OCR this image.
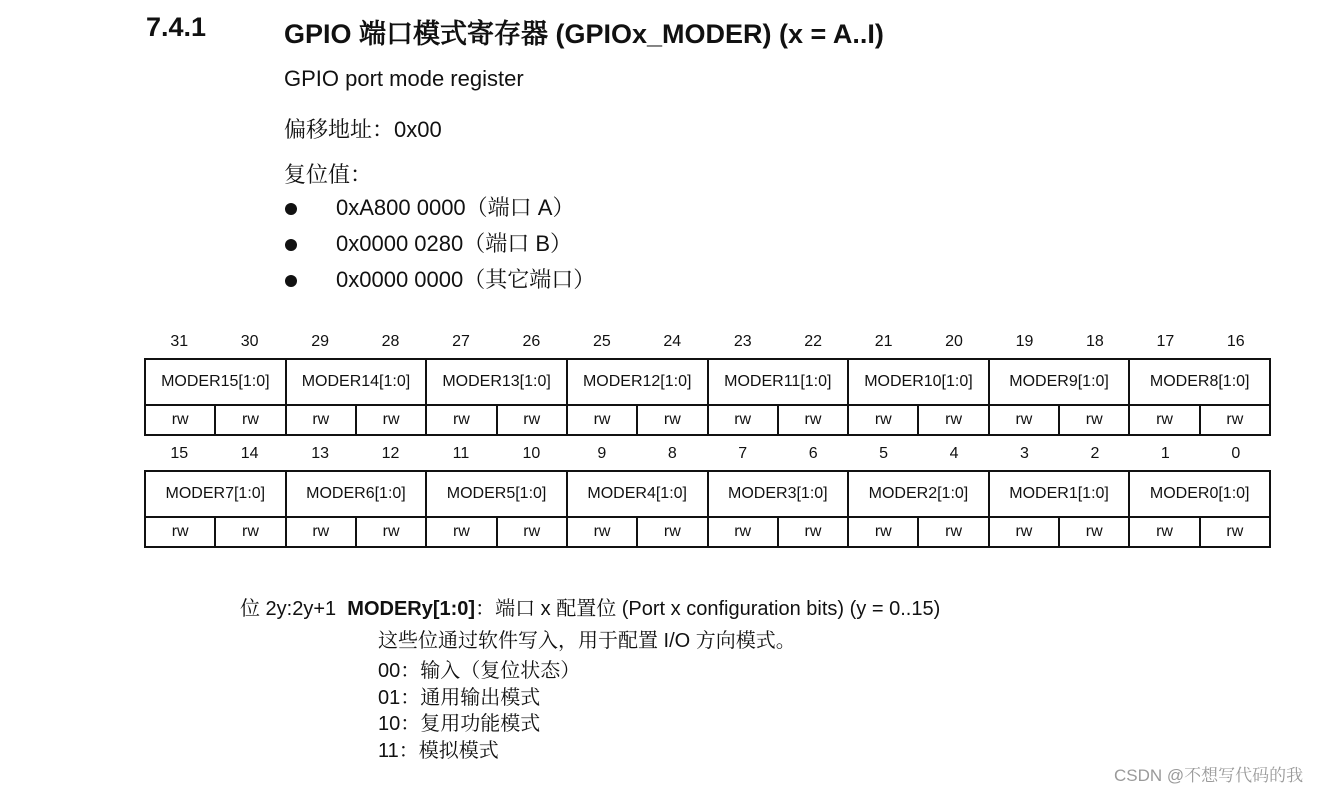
7.4.1	GPIO 端口模式寄存器 (GPIOx_MODER) (x = A..I)
GPIO port mode register
偏移地址：0x00
复位值：
0xA800 0000（端口 A）
0x0000 0280（端口 B）
0x0000 0000（其它端口）
31	30	29	28	27	26	25	24	23	22	21	20	19	18	17	16
MODER15[1:0]		MODER14[1:0]		MODER13[1:0]		MODER12[1:0]		MODER11[1:0]		MODER10[1:0]		MODER9[1:0]		MODER8[1:0]	
rw	rw	rw	rw	rw	rw	rw	rw	rw	rw	rw	rw	rw	rw	rw	rw
15	14	13	12	11	10	9	8	7	6	5	4	3	2	1	0
MODER7[1:0]		MODER6[1:0]		MODER5[1:0]		MODER4[1:0]		MODER3[1:0]		MODER2[1:0]		MODER1[1:0]		MODER0[1:0]	
rw	rw	rw	rw	rw	rw	rw	rw	rw	rw	rw	rw	rw	rw	rw	rw
位 2y:2y+1 MODERy[1:0]：端口 x 配置位 (Port x configuration bits) (y = 0..15)
这些位通过软件写入，用于配置 I/O 方向模式。
00：输入（复位状态）
01：通用输出模式
10：复用功能模式
11：模拟模式
CSDN @不想写代码的我
